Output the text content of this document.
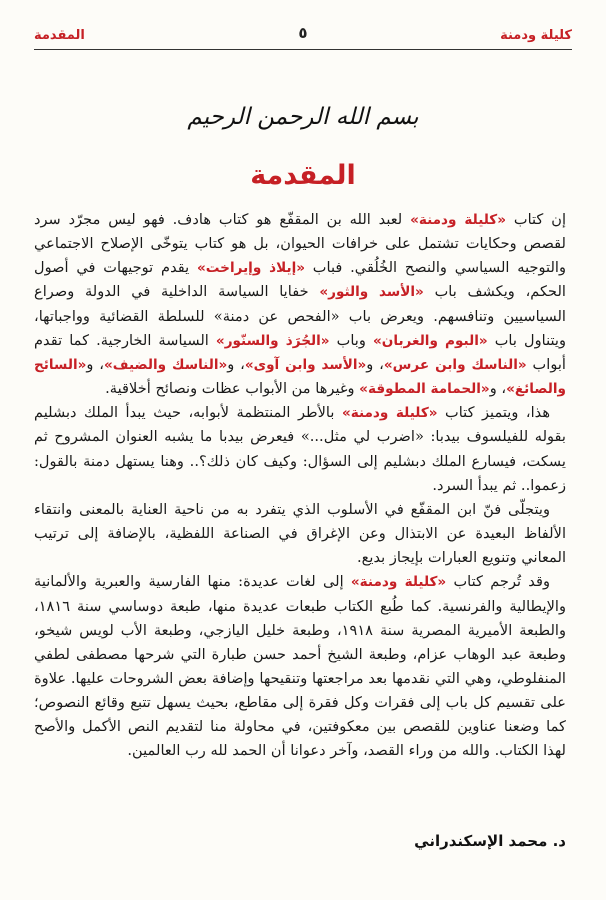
كليلة ودمنة
٥
المقدمة
بسم الله الرحمن الرحيم
المقدمة

إن كتاب «كليلة ودمنة» لعبد الله بن المقفّع هو كتاب هادف. فهو ليس مجرّد سرد لقصص وحكايات تشتمل على خرافات الحيوان، بل هو كتاب يتوخّى الإصلاح الاجتماعي والتوجيه السياسي والنصح الخُلُقي. فباب «إيلاذ وإيراخت» يقدم توجيهات في أصول الحكم، ويكشف باب «الأسد والثور» خفايا السياسة الداخلية في الدولة وصراع السياسيين وتنافسهم. ويعرض باب «الفحص عن دمنة» للسلطة القضائية وواجباتها، ويتناول باب «البوم والغربان» وباب «الجُرَذ والسنّور» السياسة الخارجية. كما تقدم أبواب «الناسك وابن عرس»، و«الأسد وابن آوى»، و«الناسك والضيف»، و«السائح والصائغ»، و«الحمامة المطوقة» وغيرها من الأبواب عظات ونصائح أخلاقية.

هذا، ويتميز كتاب «كليلة ودمنة» بالأطر المنتظمة لأبوابه، حيث يبدأ الملك دبشليم بقوله للفيلسوف بيدبا: «اضرب لي مثل...» فيعرض بيدبا ما يشبه العنوان المشروح ثم يسكت، فيسارع الملك دبشليم إلى السؤال: وكيف كان ذلك؟.. وهنا يستهل دمنة بالقول: زعموا.. ثم يبدأ السرد.

ويتجلّى فنّ ابن المقفّع في الأسلوب الذي يتفرد به من ناحية العناية بالمعنى وانتقاء الألفاظ البعيدة عن الابتذال وعن الإغراق في الصناعة اللفظية، بالإضافة إلى ترتيب المعاني وتنويع العبارات بإيجاز بديع.

وقد تُرجم كتاب «كليلة ودمنة» إلى لغات عديدة: منها الفارسية والعبرية والألمانية والإيطالية والفرنسية. كما طُبع الكتاب طبعات عديدة منها، طبعة دوساسي سنة ١٨١٦، والطبعة الأميرية المصرية سنة ١٩١٨، وطبعة خليل اليازجي، وطبعة الأب لويس شيخو، وطبعة عبد الوهاب عزام، وطبعة الشيخ أحمد حسن طبارة التي شرحها مصطفى لطفي المنفلوطي، وهي التي نقدمها بعد مراجعتها وتنقيحها وإضافة بعض الشروحات عليها. علاوة على تقسيم كل باب إلى فقرات وكل فقرة إلى مقاطع، بحيث يسهل تتبع وقائع النصوص؛ كما وضعنا عناوين للقصص بين معكوفتين، في محاولة منا لتقديم النص الأكمل والأصح لهذا الكتاب. والله من وراء القصد، وآخر دعوانا أن الحمد لله رب العالمين.

د. محمد الإسكندراني
